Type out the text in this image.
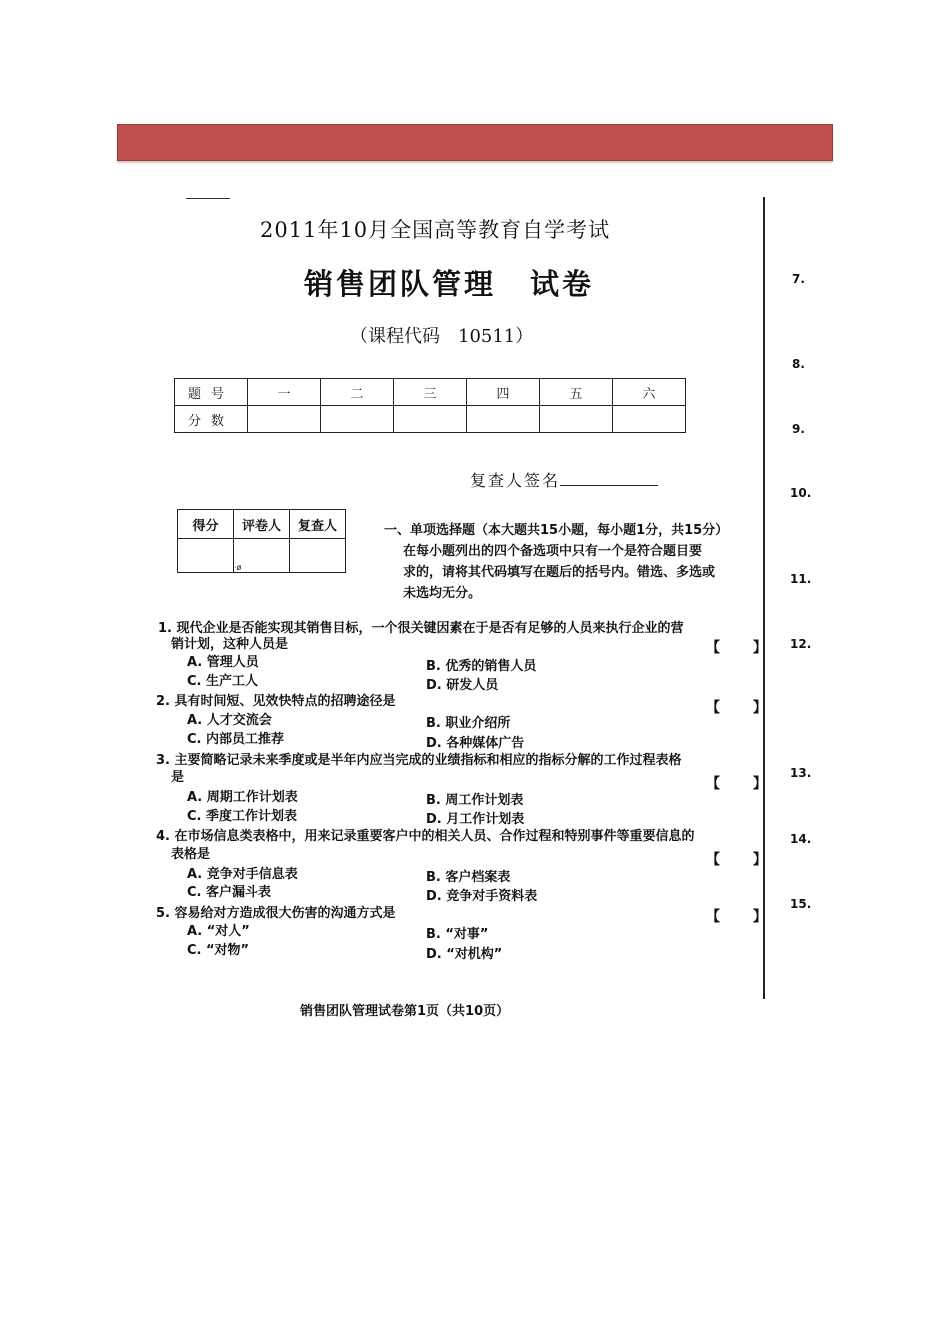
2011年10月全国高等教育自学考试
销售团队管理 试卷
（课程代码　10511）
题号	一	二	三	四	五	六
分数						
复查人签名
得分	评卷人	复查人
	·ø	
一、单项选择题（本大题共15小题，每小题1分，共15分）
在每小题列出的四个备选项中只有一个是符合题目要
求的，请将其代码填写在题后的括号内。错选、多选或
未选均无分。
1. 现代企业是否能实现其销售目标，一个很关键因素在于是否有足够的人员来执行企业的营
销计划，这种人员是	【 】
A. 管理人员	B. 优秀的销售人员
C. 生产工人	D. 研发人员
2. 具有时间短、见效快特点的招聘途径是	【 】
A. 人才交流会	B. 职业介绍所
C. 内部员工推荐	D. 各种媒体广告
3. 主要简略记录未来季度或是半年内应当完成的业绩指标和相应的指标分解的工作过程表格
是	【 】
A. 周期工作计划表	B. 周工作计划表
C. 季度工作计划表	D. 月工作计划表
4. 在市场信息类表格中，用来记录重要客户中的相关人员、合作过程和特别事件等重要信息的
表格是	【 】
A. 竞争对手信息表	B. 客户档案表
C. 客户漏斗表	D. 竞争对手资料表
5. 容易给对方造成很大伤害的沟通方式是	【 】
A. “对人”	B. “对事”
C. “对物”	D. “对机构”
7.
8.
9.
10.
11.
12.
13.
14.
15.
销售团队管理试卷第1页（共10页）
